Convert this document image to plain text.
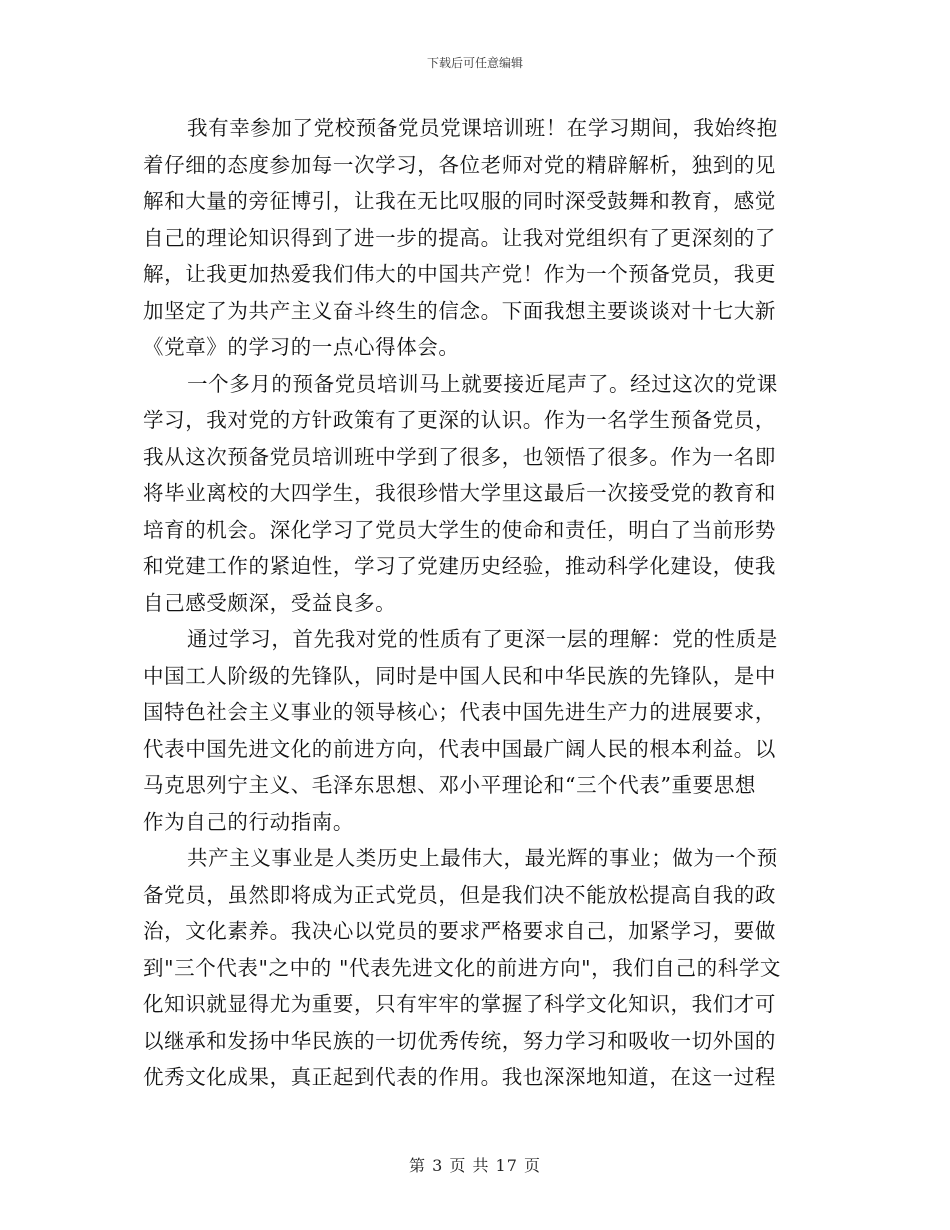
下载后可任意编辑
我有幸参加了党校预备党员党课培训班！在学习期间，我始终抱
着仔细的态度参加每一次学习，各位老师对党的精辟解析，独到的见
解和大量的旁征博引，让我在无比叹服的同时深受鼓舞和教育，感觉
自己的理论知识得到了进一步的提高。让我对党组织有了更深刻的了
解，让我更加热爱我们伟大的中国共产党！作为一个预备党员，我更
加坚定了为共产主义奋斗终生的信念。下面我想主要谈谈对十七大新
《党章》的学习的一点心得体会。
一个多月的预备党员培训马上就要接近尾声了。经过这次的党课
学习，我对党的方针政策有了更深的认识。作为一名学生预备党员，
我从这次预备党员培训班中学到了很多，也领悟了很多。作为一名即
将毕业离校的大四学生，我很珍惜大学里这最后一次接受党的教育和
培育的机会。深化学习了党员大学生的使命和责任，明白了当前形势
和党建工作的紧迫性，学习了党建历史经验，推动科学化建设，使我
自己感受颇深，受益良多。
通过学习，首先我对党的性质有了更深一层的理解：党的性质是
中国工人阶级的先锋队，同时是中国人民和中华民族的先锋队，是中
国特色社会主义事业的领导核心；代表中国先进生产力的进展要求，
代表中国先进文化的前进方向，代表中国最广阔人民的根本利益。以
马克思列宁主义、毛泽东思想、邓小平理论和“三个代表”重要思想
作为自己的行动指南。
共产主义事业是人类历史上最伟大，最光辉的事业；做为一个预
备党员，虽然即将成为正式党员，但是我们决不能放松提高自我的政
治，文化素养。我决心以党员的要求严格要求自己，加紧学习，要做
到"三个代表"之中的 "代表先进文化的前进方向"，我们自己的科学文
化知识就显得尤为重要，只有牢牢的掌握了科学文化知识，我们才可
以继承和发扬中华民族的一切优秀传统，努力学习和吸收一切外国的
优秀文化成果，真正起到代表的作用。我也深深地知道，在这一过程
第 3 页 共 17 页
